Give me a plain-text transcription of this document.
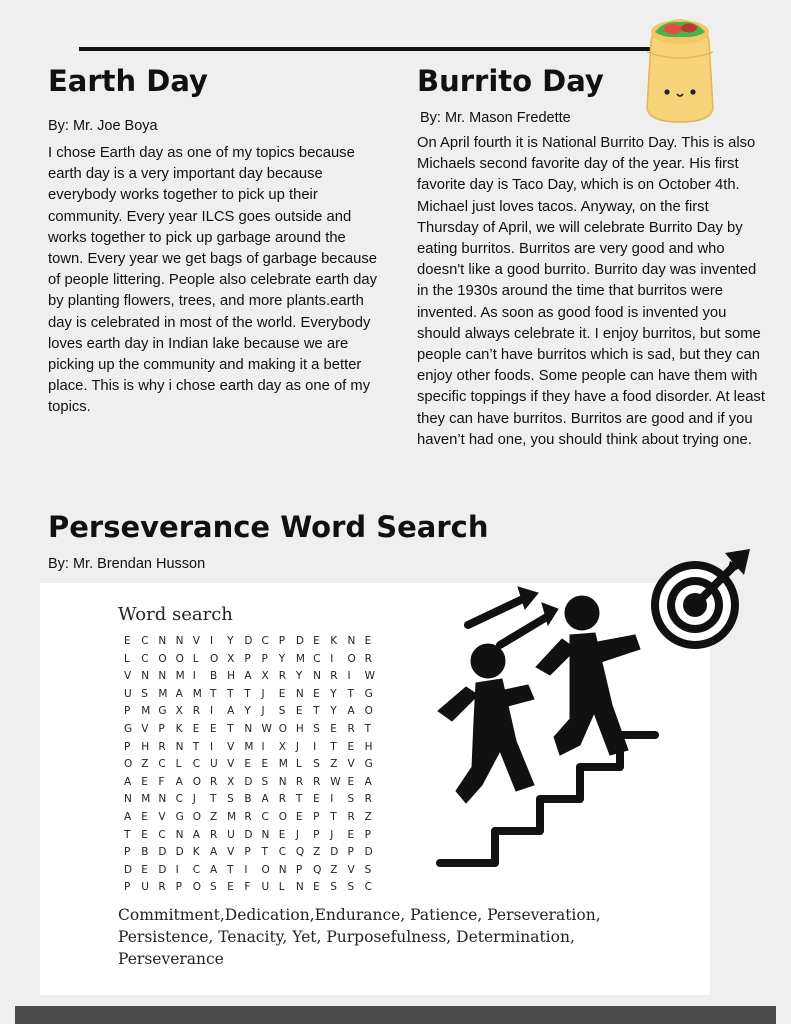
Earth Day
By: Mr. Joe Boya

I chose Earth day as one of my topics because earth day is a very important day because everybody works together to pick up their community. Every year ILCS goes outside and works together to pick up garbage around the town. Every year we get bags of garbage because of people littering. People also celebrate earth day by planting flowers, trees, and more plants.earth day is celebrated in most of the world. Everybody loves earth day in Indian lake because we are picking up the community and making it a better place. This is why i chose earth day as one of my topics.

Burrito Day
By: Mr. Mason Fredette

On April fourth it is National Burrito Day. This is also Michaels second favorite day of the year. His first favorite day is Taco Day, which is on October 4th. Michael just loves tacos. Anyway, on the first Thursday of April, we will celebrate Burrito Day by eating burritos. Burritos are very good and who doesn't like a good burrito. Burrito day was invented in the 1930s around the time that burritos were invented. As soon as good food is invented you should always celebrate it. I enjoy burritos, but some people can’t have burritos which is sad, but they can enjoy other foods. Some people can have them with specific toppings if they have a food disorder. At least they can have burritos. Burritos are good and if you haven’t had one, you should think about trying one.

Perseverance Word Search
By: Mr. Brendan Husson
Word search
E	C N N V I	Y	D C P	D E	K N E
L	C O O L	O X P	P	Y	M C I	O R
V N N M I	B H A X R Y	N R I	W
U S	M A M T	T	T	J	E	N E	Y	T	G
P	M G X R I	A Y	J	S	E	T	Y	A O
G V P	K E	E	T	N W O H S	E	R T
P	H R N T	I	V M I	X J	I	T	E	H
O Z C L	C U V E	E	M L	S	Z V G
A E	F	A O R X D S	N R R W E	A
N M N C J	T	S	B A R T	E	I	S	R
A E	V G O Z M R C O E	P	T	R Z
T	E	C N A R U D N E	J	P	J	E	P
P	B D D K A V P	T	C Q Z D P	D
D E	D I	C A T	I	O N P	Q Z V S
P	U R P	O S	E	F	U L	N E	S	S	C

Commitment,Dedication,Endurance, Patience, Perseveration, Persistence, Tenacity, Yet, Purposefulness, Determination, Perseverance
